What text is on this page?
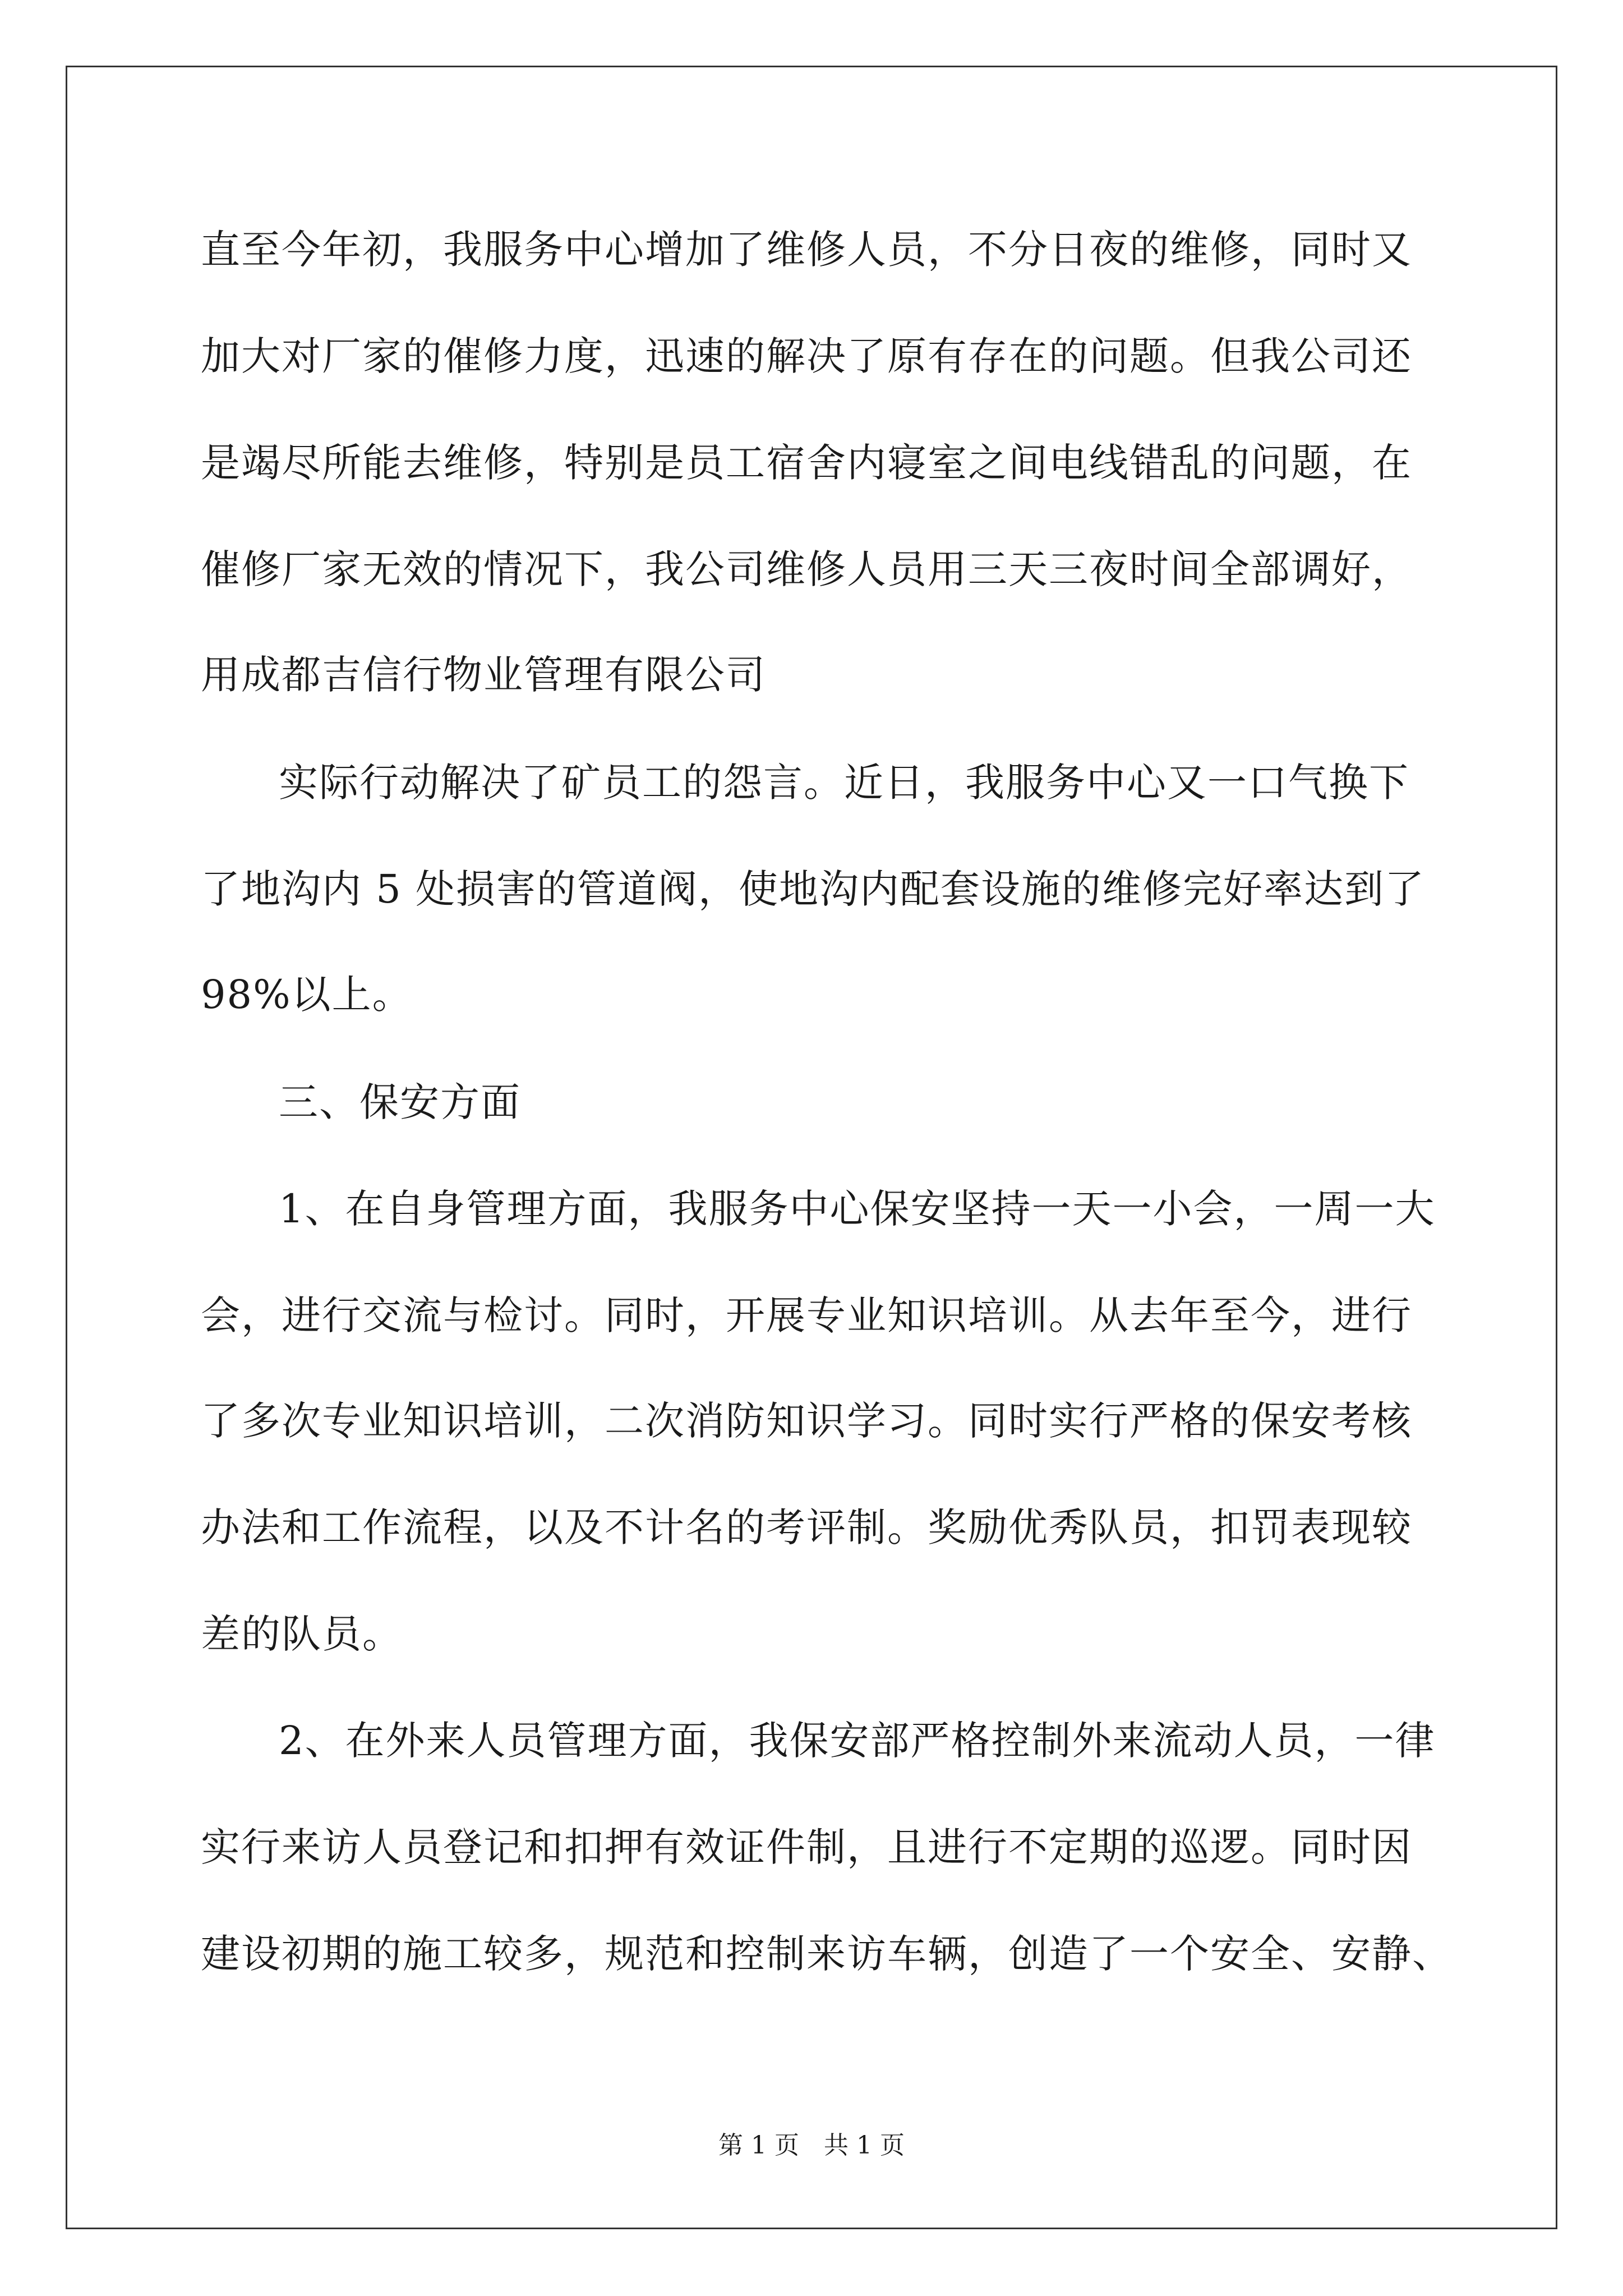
直至今年初，我服务中心增加了维修人员，不分日夜的维修，同时又
加大对厂家的催修力度，迅速的解决了原有存在的问题。但我公司还
是竭尽所能去维修，特别是员工宿舍内寝室之间电线错乱的问题，在
催修厂家无效的情况下，我公司维修人员用三天三夜时间全部调好，
用成都吉信行物业管理有限公司
实际行动解决了矿员工的怨言。近日，我服务中心又一口气换下
了地沟内 5 处损害的管道阀，使地沟内配套设施的维修完好率达到了
98%以上。
三、保安方面
1、在自身管理方面，我服务中心保安坚持一天一小会，一周一大
会，进行交流与检讨。同时，开展专业知识培训。从去年至今，进行
了多次专业知识培训，二次消防知识学习。同时实行严格的保安考核
办法和工作流程，以及不计名的考评制。奖励优秀队员，扣罚表现较
差的队员。
2、在外来人员管理方面，我保安部严格控制外来流动人员，一律
实行来访人员登记和扣押有效证件制，且进行不定期的巡逻。同时因
建设初期的施工较多，规范和控制来访车辆，创造了一个安全、安静、
第 1 页　共 1 页
